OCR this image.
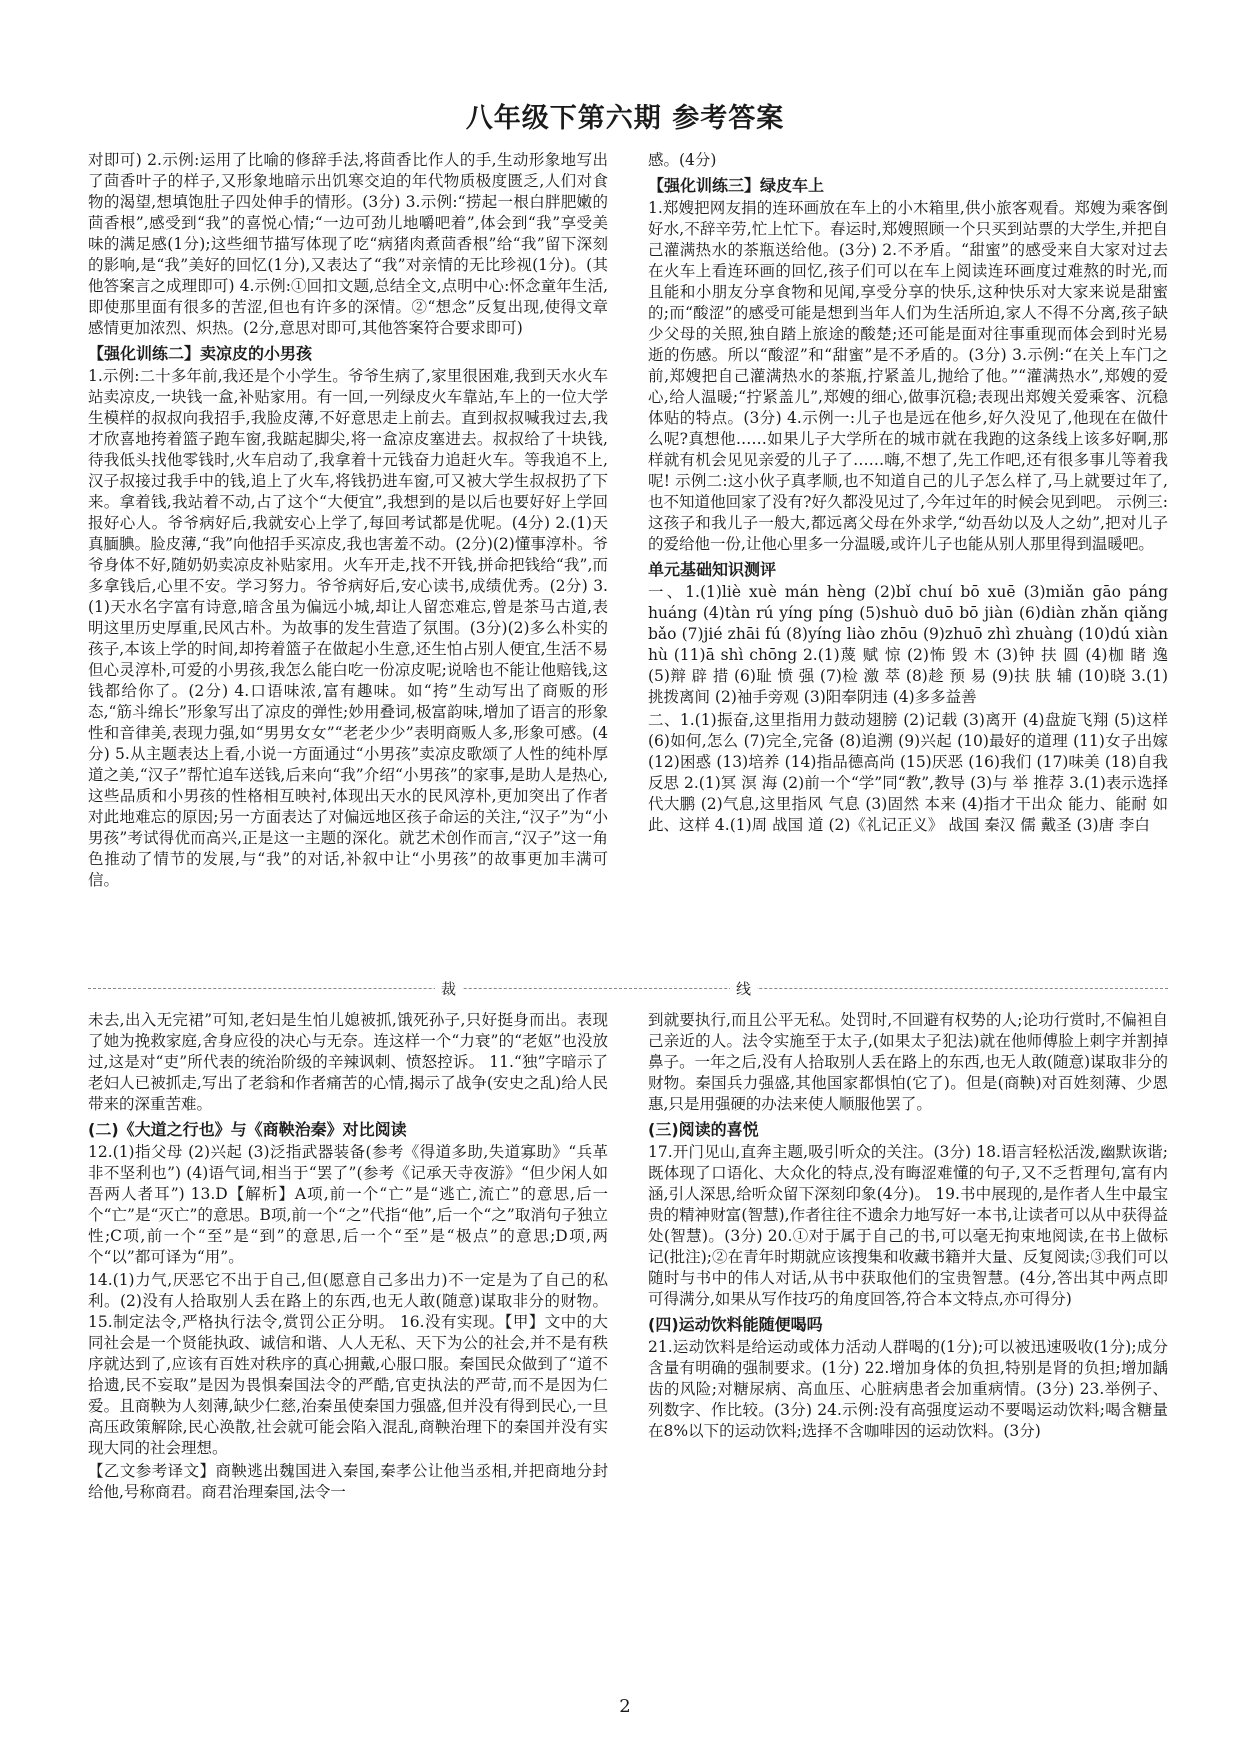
八年级下第六期 参考答案

对即可) 2.示例:运用了比喻的修辞手法,将茴香比作人的手,生动形象地写出了茴香叶子的样子,又形象地暗示出饥寒交迫的年代物质极度匮乏,人们对食物的渴望,想填饱肚子四处伸手的情形。(3分) 3.示例:“捞起一根白胖肥嫩的茴香根”,感受到“我”的喜悦心情;“一边可劲儿地嚼吧着”,体会到“我”享受美味的满足感(1分);这些细节描写体现了吃“病猪肉煮茴香根”给“我”留下深刻的影响,是“我”美好的回忆(1分),又表达了“我”对亲情的无比珍视(1分)。(其他答案言之成理即可) 4.示例:①回扣文题,总结全文,点明中心:怀念童年生活,即使那里面有很多的苦涩,但也有许多的深情。②“想念”反复出现,使得文章感情更加浓烈、炽热。(2分,意思对即可,其他答案符合要求即可)

【强化训练二】卖凉皮的小男孩

1.示例:二十多年前,我还是个小学生。爷爷生病了,家里很困难,我到天水火车站卖凉皮,一块钱一盒,补贴家用。有一回,一列绿皮火车靠站,车上的一位大学生模样的叔叔向我招手,我脸皮薄,不好意思走上前去。直到叔叔喊我过去,我才欣喜地挎着篮子跑车窗,我踮起脚尖,将一盒凉皮塞进去。叔叔给了十块钱,待我低头找他零钱时,火车启动了,我拿着十元钱奋力追赶火车。等我追不上,汉子叔接过我手中的钱,追上了火车,将钱扔进车窗,可又被大学生叔叔扔了下来。拿着钱,我站着不动,占了这个“大便宜”,我想到的是以后也要好好上学回报好心人。爷爷病好后,我就安心上学了,每回考试都是优呢。(4分) 2.(1)天真腼腆。脸皮薄,“我”向他招手买凉皮,我也害羞不动。(2分)(2)懂事淳朴。爷爷身体不好,随奶奶卖凉皮补贴家用。火车开走,找不开钱,拼命把钱给“我”,而多拿钱后,心里不安。学习努力。爷爷病好后,安心读书,成绩优秀。(2分) 3.(1)天水名字富有诗意,暗含虽为偏远小城,却让人留恋难忘,曾是茶马古道,表明这里历史厚重,民风古朴。为故事的发生营造了氛围。(3分)(2)多么朴实的孩子,本该上学的时间,却挎着篮子在做起小生意,还生怕占别人便宜,生活不易但心灵淳朴,可爱的小男孩,我怎么能白吃一份凉皮呢;说啥也不能让他赔钱,这钱都给你了。(2分) 4.口语味浓,富有趣味。如“挎”生动写出了商贩的形态,“筋斗绵长”形象写出了凉皮的弹性;妙用叠词,极富韵味,增加了语言的形象性和音律美,表现力强,如“男男女女”“老老少少”表明商贩人多,形象可感。(4分) 5.从主题表达上看,小说一方面通过“小男孩”卖凉皮歌颂了人性的纯朴厚道之美,“汉子”帮忙追车送钱,后来向“我”介绍“小男孩”的家事,是助人是热心,这些品质和小男孩的性格相互映衬,体现出天水的民风淳朴,更加突出了作者对此地难忘的原因;另一方面表达了对偏远地区孩子命运的关注,“汉子”为“小男孩”考试得优而高兴,正是这一主题的深化。就艺术创作而言,“汉子”这一角色推动了情节的发展,与“我”的对话,补叙中让“小男孩”的故事更加丰满可信。

感。(4分)

【强化训练三】绿皮车上

1.郑嫂把网友捐的连环画放在车上的小木箱里,供小旅客观看。郑嫂为乘客倒好水,不辞辛劳,忙上忙下。春运时,郑嫂照顾一个只买到站票的大学生,并把自己灌满热水的茶瓶送给他。(3分) 2.不矛盾。“甜蜜”的感受来自大家对过去在火车上看连环画的回忆,孩子们可以在车上阅读连环画度过难熬的时光,而且能和小朋友分享食物和见闻,享受分享的快乐,这种快乐对大家来说是甜蜜的;而“酸涩”的感受可能是想到当年人们为生活所迫,家人不得不分离,孩子缺少父母的关照,独自踏上旅途的酸楚;还可能是面对往事重现而体会到时光易逝的伤感。所以“酸涩”和“甜蜜”是不矛盾的。(3分) 3.示例:“在关上车门之前,郑嫂把自己灌满热水的茶瓶,拧紧盖儿,抛给了他。”“灌满热水”,郑嫂的爱心,给人温暖;“拧紧盖儿”,郑嫂的细心,做事沉稳;表现出郑嫂关爱乘客、沉稳体贴的特点。(3分) 4.示例一:儿子也是远在他乡,好久没见了,他现在在做什么呢?真想他……如果儿子大学所在的城市就在我跑的这条线上该多好啊,那样就有机会见见亲爱的儿子了……嗨,不想了,先工作吧,还有很多事儿等着我呢! 示例二:这小伙子真孝顺,也不知道自己的儿子怎么样了,马上就要过年了,也不知道他回家了没有?好久都没见过了,今年过年的时候会见到吧。 示例三:这孩子和我儿子一般大,都远离父母在外求学,“幼吾幼以及人之幼”,把对儿子的爱给他一份,让他心里多一分温暖,或许儿子也能从别人那里得到温暖吧。

单元基础知识测评

一、1.(1)liè xuè mán hèng (2)bǐ chuí bō xuē (3)miǎn gāo páng huáng (4)tàn rú yíng píng (5)shuò duō bō jiàn (6)diàn zhǎn qiǎng bǎo (7)jié zhāi fú (8)yíng liào zhōu (9)zhuō zhì zhuàng (10)dú xiàn hù (11)ā shì chōng 2.(1)蔑 赋 惊 (2)怖 毁 木 (3)钟 扶 圆 (4)枷 睹 逸 (5)辩 辟 措 (6)耻 愤 强 (7)检 激 萃 (8)趁 预 易 (9)扶 肤 辅 (10)晓 3.(1)挑拨离间 (2)袖手旁观 (3)阳奉阴违 (4)多多益善

二、1.(1)振奋,这里指用力鼓动翅膀 (2)记载 (3)离开 (4)盘旋飞翔 (5)这样 (6)如何,怎么 (7)完全,完备 (8)追溯 (9)兴起 (10)最好的道理 (11)女子出嫁 (12)困惑 (13)培养 (14)指品德高尚 (15)厌恶 (16)我们 (17)味美 (18)自我反思 2.(1)冥 溟 海 (2)前一个“学”同“教”,教导 (3)与 举 推荐 3.(1)表示选择 代大鹏 (2)气息,这里指风 气息 (3)固然 本来 (4)指才干出众 能力、能耐 如此、这样 4.(1)周 战国 道 (2)《礼记正义》 战国 秦汉 儒 戴圣 (3)唐 李白

裁	线

未去,出入无完裙”可知,老妇是生怕儿媳被抓,饿死孙子,只好挺身而出。表现了她为挽救家庭,舍身应役的决心与无奈。连这样一个“力衰”的“老妪”也没放过,这是对“吏”所代表的统治阶级的辛辣讽刺、愤怒控诉。 11.“独”字暗示了老妇人已被抓走,写出了老翁和作者痛苦的心情,揭示了战争(安史之乱)给人民带来的深重苦难。

(二)《大道之行也》与《商鞅治秦》对比阅读

12.(1)指父母 (2)兴起 (3)泛指武器装备(参考《得道多助,失道寡助》“兵革非不坚利也”) (4)语气词,相当于“罢了”(参考《记承天寺夜游》“但少闲人如吾两人者耳”) 13.D【解析】A项,前一个“亡”是“逃亡,流亡”的意思,后一个“亡”是“灭亡”的意思。B项,前一个“之”代指“他”,后一个“之”取消句子独立性;C项,前一个“至”是“到”的意思,后一个“至”是“极点”的意思;D项,两个“以”都可译为“用”。

14.(1)力气,厌恶它不出于自己,但(愿意自己多出力)不一定是为了自己的私利。(2)没有人拾取别人丢在路上的东西,也无人敢(随意)谋取非分的财物。 15.制定法令,严格执行法令,赏罚公正分明。 16.没有实现。【甲】文中的大同社会是一个贤能执政、诚信和谐、人人无私、天下为公的社会,并不是有秩序就达到了,应该有百姓对秩序的真心拥戴,心服口服。秦国民众做到了“道不拾遗,民不妄取”是因为畏惧秦国法令的严酷,官吏执法的严苛,而不是因为仁爱。且商鞅为人刻薄,缺少仁慈,治秦虽使秦国力强盛,但并没有得到民心,一旦高压政策解除,民心涣散,社会就可能会陷入混乱,商鞅治理下的秦国并没有实现大同的社会理想。

【乙文参考译文】商鞅逃出魏国进入秦国,秦孝公让他当丞相,并把商地分封给他,号称商君。商君治理秦国,法令一

到就要执行,而且公平无私。处罚时,不回避有权势的人;论功行赏时,不偏袒自己亲近的人。法令实施至于太子,(如果太子犯法)就在他师傅脸上刺字并割掉鼻子。一年之后,没有人拾取别人丢在路上的东西,也无人敢(随意)谋取非分的财物。秦国兵力强盛,其他国家都惧怕(它了)。但是(商鞅)对百姓刻薄、少恩惠,只是用强硬的办法来使人顺服他罢了。

(三)阅读的喜悦

17.开门见山,直奔主题,吸引听众的关注。(3分) 18.语言轻松活泼,幽默诙谐;既体现了口语化、大众化的特点,没有晦涩难懂的句子,又不乏哲理句,富有内涵,引人深思,给听众留下深刻印象(4分)。 19.书中展现的,是作者人生中最宝贵的精神财富(智慧),作者往往不遗余力地写好一本书,让读者可以从中获得益处(智慧)。(3分) 20.①对于属于自己的书,可以毫无拘束地阅读,在书上做标记(批注);②在青年时期就应该搜集和收藏书籍并大量、反复阅读;③我们可以随时与书中的伟人对话,从书中获取他们的宝贵智慧。(4分,答出其中两点即可得满分,如果从写作技巧的角度回答,符合本文特点,亦可得分)

(四)运动饮料能随便喝吗

21.运动饮料是给运动或体力活动人群喝的(1分);可以被迅速吸收(1分);成分含量有明确的强制要求。(1分) 22.增加身体的负担,特别是肾的负担;增加龋齿的风险;对糖尿病、高血压、心脏病患者会加重病情。(3分) 23.举例子、列数字、作比较。(3分) 24.示例:没有高强度运动不要喝运动饮料;喝含糖量在8%以下的运动饮料;选择不含咖啡因的运动饮料。(3分)

2
